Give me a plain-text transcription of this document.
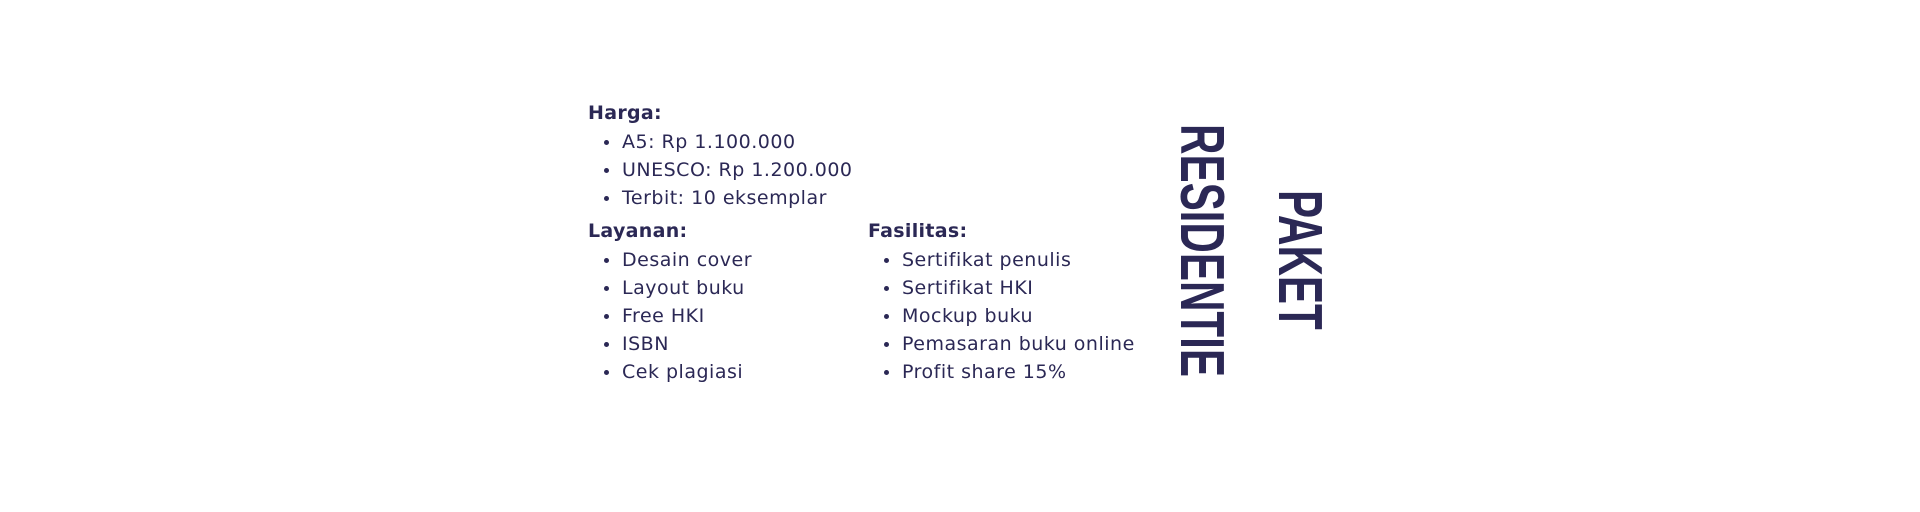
Harga:
A5: Rp 1.100.000
UNESCO: Rp 1.200.000
Terbit: 10 eksemplar
Layanan:
Desain cover
Layout buku
Free HKI
ISBN
Cek plagiasi
Fasilitas:
Sertifikat penulis
Sertifikat HKI
Mockup buku
Pemasaran buku online
Profit share 15%
PAKET
RESIDENTIE
